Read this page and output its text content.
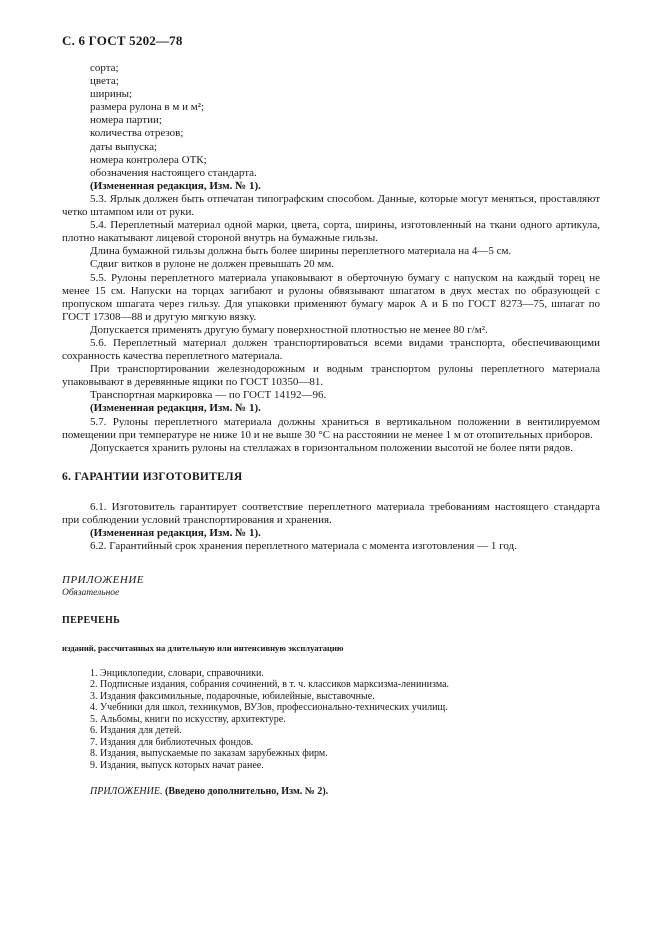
С. 6 ГОСТ 5202—78

сорта;

цвета;

ширины;

размера рулона в м и м²;

номера партии;

количества отрезов;

даты выпуска;

номера контролера ОТК;

обозначения настоящего стандарта.

(Измененная редакция, Изм. № 1).

5.3. Ярлык должен быть отпечатан типографским способом. Данные, которые могут меняться, проставляют четко штампом или от руки.

5.4. Переплетный материал одной марки, цвета, сорта, ширины, изготовленный на ткани одного артикула, плотно накатывают лицевой стороной внутрь на бумажные гильзы.

Длина бумажной гильзы должна быть более ширины переплетного материала на 4—5 см.

Сдвиг витков в рулоне не должен превышать 20 мм.

5.5. Рулоны переплетного материала упаковывают в оберточную бумагу с напуском на каждый торец не менее 15 см. Напуски на торцах загибают и рулоны обвязывают шпагатом в двух местах по образующей с пропуском шпагата через гильзу. Для упаковки применяют бумагу марок А и Б по ГОСТ 8273—75, шпагат по ГОСТ 17308—88 и другую мягкую вязку.

Допускается применять другую бумагу поверхностной плотностью не менее 80 г/м².

5.6. Переплетный материал должен транспортироваться всеми видами транспорта, обеспечивающими сохранность качества переплетного материала.

При транспортировании железнодорожным и водным транспортом рулоны переплетного материала упаковывают в деревянные ящики по ГОСТ 10350—81.

Транспортная маркировка — по ГОСТ 14192—96.

(Измененная редакция, Изм. № 1).

5.7. Рулоны переплетного материала должны храниться в вертикальном положении в вентилируемом помещении при температуре не ниже 10 и не выше 30 °С на расстоянии не менее 1 м от отопительных приборов.

Допускается хранить рулоны на стеллажах в горизонтальном положении высотой не более пяти рядов.

6. ГАРАНТИИ ИЗГОТОВИТЕЛЯ

6.1. Изготовитель гарантирует соответствие переплетного материала требованиям настоящего стандарта при соблюдении условий транспортирования и хранения.

(Измененная редакция, Изм. № 1).

6.2. Гарантийный срок хранения переплетного материала с момента изготовления — 1 год.

ПРИЛОЖЕНИЕ

Обязательное

ПЕРЕЧЕНЬ

изданий, рассчитанных на длительную или интенсивную эксплуатацию

1. Энциклопедии, словари, справочники.

2. Подписные издания, собрания сочинений, в т. ч. классиков марксизма-ленинизма.

3. Издания факсимильные, подарочные, юбилейные, выставочные.

4. Учебники для школ, техникумов, ВУЗов, профессионально-технических училищ.

5. Альбомы, книги по искусству, архитектуре.

6. Издания для детей.

7. Издания для библиотечных фондов.

8. Издания, выпускаемые по заказам зарубежных фирм.

9. Издания, выпуск которых начат ранее.

ПРИЛОЖЕНИЕ. (Введено дополнительно, Изм. № 2).
